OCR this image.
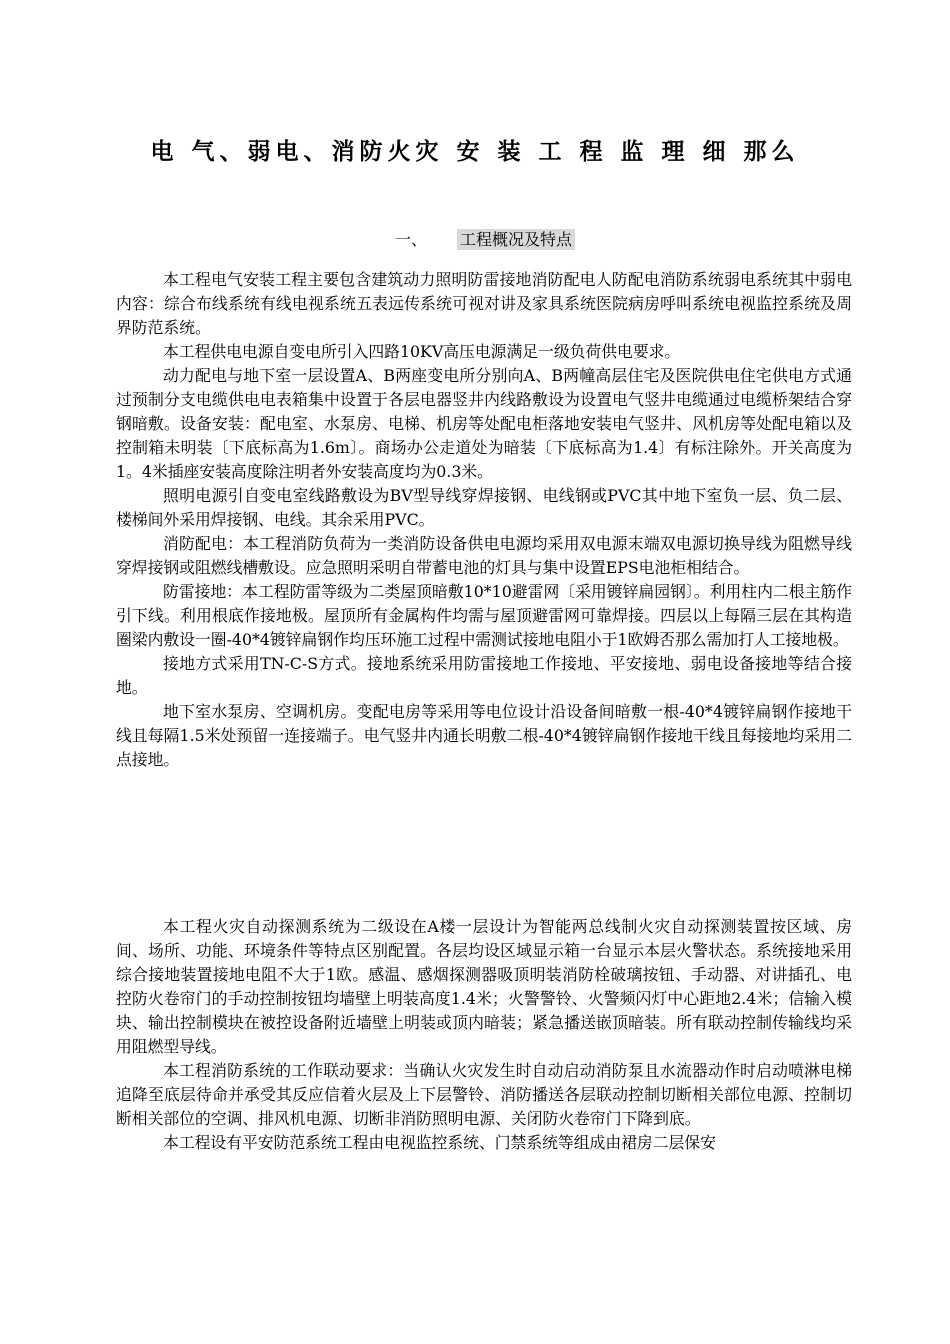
电 气、弱电、消防火灾 安 装 工 程 监 理 细 那么
一、 工程概况及特点

本工程电气安装工程主要包含建筑动力照明防雷接地消防配电人防配电消防系统弱电系统其中弱电内容：综合布线系统有线电视系统五表远传系统可视对讲及家具系统医院病房呼叫系统电视监控系统及周界防范系统。

本工程供电电源自变电所引入四路10KV高压电源满足一级负荷供电要求。

动力配电与地下室一层设置A、B两座变电所分别向A、B两幢高层住宅及医院供电住宅供电方式通过预制分支电缆供电电表箱集中设置于各层电器竖井内线路敷设为设置电气竖井电缆通过电缆桥架结合穿钢暗敷。设备安装：配电室、水泵房、电梯、机房等处配电柜落地安装电气竖井、风机房等处配电箱以及控制箱未明装〔下底标高为1.6m〕。商场办公走道处为暗装〔下底标高为1.4〕有标注除外。开关高度为1。4米插座安装高度除注明者外安装高度均为0.3米。

照明电源引自变电室线路敷设为BV型导线穿焊接钢、电线钢或PVC其中地下室负一层、负二层、楼梯间外采用焊接钢、电线。其余采用PVC。

消防配电：本工程消防负荷为一类消防设备供电电源均采用双电源末端双电源切换导线为阻燃导线穿焊接钢或阻燃线槽敷设。应急照明采明自带蓄电池的灯具与集中设置EPS电池柜相结合。

防雷接地：本工程防雷等级为二类屋顶暗敷10*10避雷网〔采用镀锌扁园钢〕。利用柱内二根主筋作引下线。利用根底作接地极。屋顶所有金属构件均需与屋顶避雷网可靠焊接。四层以上每隔三层在其构造圈梁内敷设一圈-40*4镀锌扁钢作均压环施工过程中需测试接地电阻小于1欧姆否那么需加打人工接地极。

接地方式采用TN-C-S方式。接地系统采用防雷接地工作接地、平安接地、弱电设备接地等结合接地。

地下室水泵房、空调机房。变配电房等采用等电位设计沿设备间暗敷一根-40*4镀锌扁钢作接地干线且每隔1.5米处预留一连接端子。电气竖井内通长明敷二根-40*4镀锌扁钢作接地干线且每接地均采用二点接地。

本工程火灾自动探测系统为二级设在A楼一层设计为智能两总线制火灾自动探测装置按区域、房间、场所、功能、环境条件等特点区别配置。各层均设区域显示箱一台显示本层火警状态。系统接地采用综合接地装置接地电阻不大于1欧。感温、感烟探测器吸顶明装消防栓破璃按钮、手动器、对讲插孔、电控防火卷帘门的手动控制按钮均墙壁上明装高度1.4米；火警警铃、火警频闪灯中心距地2.4米；信输入模块、输出控制模块在被控设备附近墙壁上明装或顶内暗装；紧急播送嵌顶暗装。所有联动控制传输线均采用阻燃型导线。

本工程消防系统的工作联动要求：当确认火灾发生时自动启动消防泵且水流器动作时启动喷淋电梯追降至底层待命并承受其反应信着火层及上下层警铃、消防播送各层联动控制切断相关部位电源、控制切断相关部位的空调、排风机电源、切断非消防照明电源、关闭防火卷帘门下降到底。

本工程设有平安防范系统工程由电视监控系统、门禁系统等组成由裙房二层保安
